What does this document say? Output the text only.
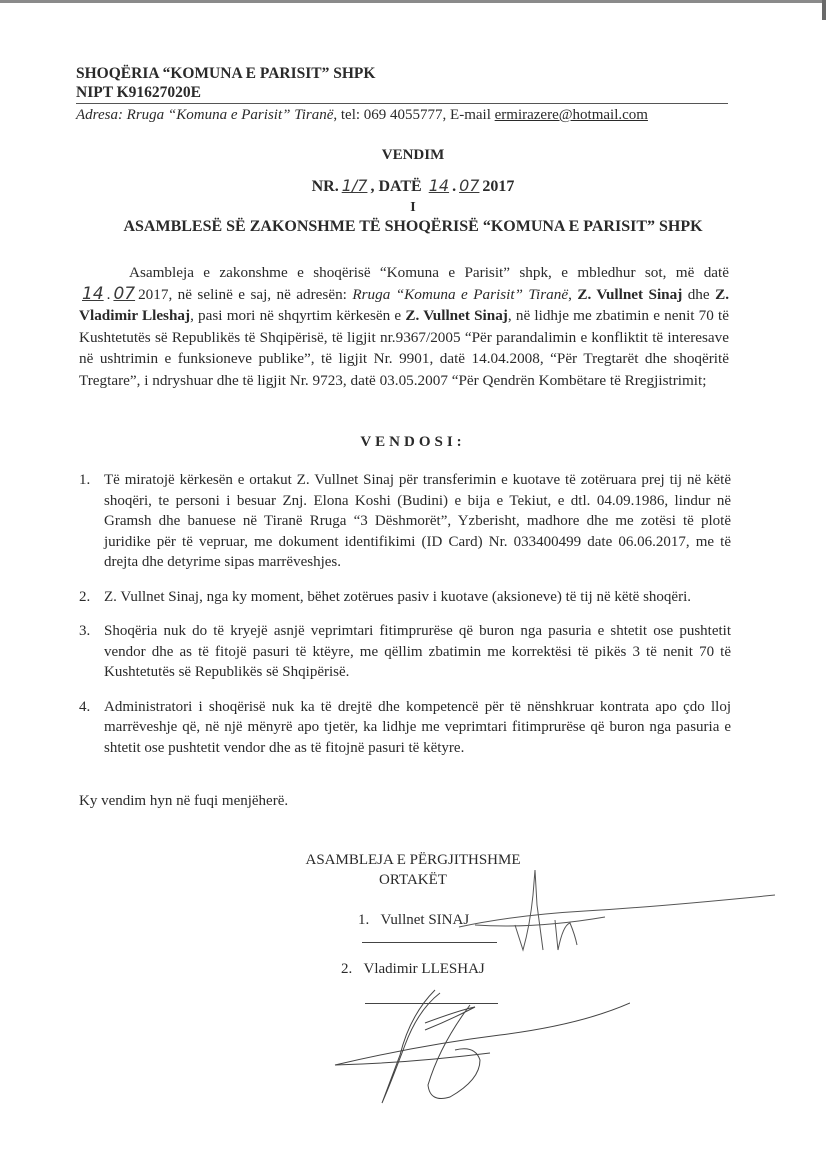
SHOQËRIA “KOMUNA E PARISIT” SHPK
NIPT K91627020E
Adresa: Rruga “Komuna e Parisit” Tiranë, tel: 069 4055777, E-mail ermirazere@hotmail.com
VENDIM
NR. 1/7 , DATË 14 . 07 2017
I
ASAMBLESË SË ZAKONSHME TË SHOQËRISË “KOMUNA E PARISIT” SHPK
Asambleja e zakonshme e shoqërisë “Komuna e Parisit” shpk, e mbledhur sot, më datë 14 . 07 2017, në selinë e saj, në adresën: Rruga “Komuna e Parisit” Tiranë, Z. Vullnet Sinaj dhe Z. Vladimir Lleshaj, pasi mori në shqyrtim kërkesën e Z. Vullnet Sinaj, në lidhje me zbatimin e nenit 70 të Kushtetutës së Republikës të Shqipërisë, të ligjit nr.9367/2005 “Për parandalimin e konfliktit të interesave në ushtrimin e funksioneve publike”, të ligjit Nr. 9901, datë 14.04.2008, “Për Tregtarët dhe shoqëritë Tregtare”, i ndryshuar dhe të ligjit Nr. 9723, datë 03.05.2007 “Për Qendrën Kombëtare të Rregjistrimit;
VENDOSI:
1. Të miratojë kërkesën e ortakut Z. Vullnet Sinaj për transferimin e kuotave të zotëruara prej tij në këtë shoqëri, te personi i besuar Znj. Elona Koshi (Budini) e bija e Tekiut, e dtl. 04.09.1986, lindur në Gramsh dhe banuese në Tiranë Rruga “3 Dëshmorët”, Yzberisht, madhore dhe me zotësi të plotë juridike për të vepruar, me dokument identifikimi (ID Card) Nr. 033400499 date 06.06.2017, me të drejta dhe detyrime sipas marrëveshjes.
2. Z. Vullnet Sinaj, nga ky moment, bëhet zotërues pasiv i kuotave (aksioneve) të tij në këtë shoqëri.
3. Shoqëria nuk do të kryejë asnjë veprimtari fitimprurëse që buron nga pasuria e shtetit ose pushtetit vendor dhe as të fitojë pasuri të ktëyre, me qëllim zbatimin me korrektësi të pikës 3 të nenit 70 të Kushtetutës së Republikës së Shqipërisë.
4. Administratori i shoqërisë nuk ka të drejtë dhe kompetencë për të nënshkruar kontrata apo çdo lloj marrëveshje që, në një mënyrë apo tjetër, ka lidhje me veprimtari fitimprurëse që buron nga pasuria e shtetit ose pushtetit vendor dhe as të fitojnë pasuri të këtyre.
Ky vendim hyn në fuqi menjëherë.
ASAMBLEJA E PËRGJITHSHME
ORTAKËT
1. Vullnet SINAJ
2. Vladimir LLESHAJ
